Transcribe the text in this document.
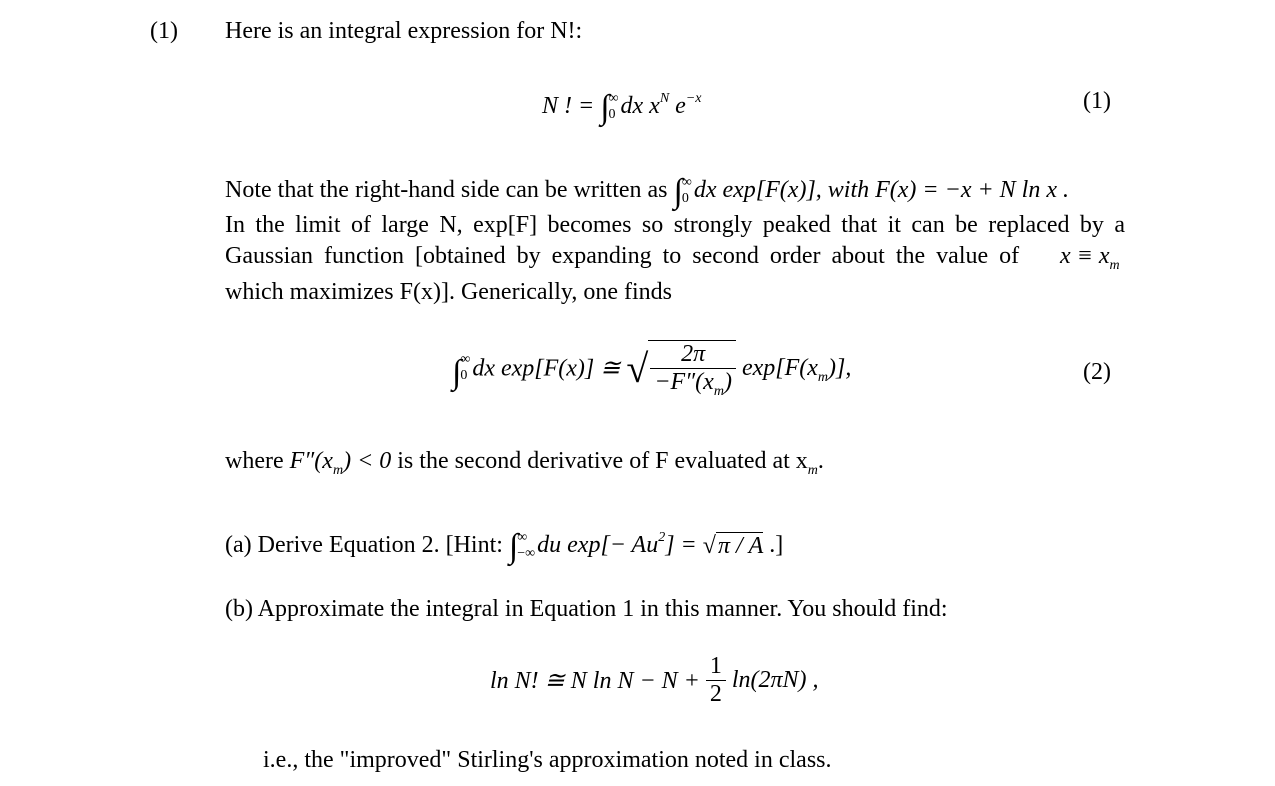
(1) Here is an integral expression for N!:
N ! = ∫ ∞
0 dx $x^N$ $e^{-x}$	(1)
Note that the right-hand side can be written as ∫ ∞
0 dx exp[F(x)], with F(x) = −x + N ln x .
In the limit of large N, exp[F] becomes so strongly peaked that it can be replaced by a
Gaussian function [obtained by expanding to second order about the value of $x \equiv x_m$
which maximizes F(x)]. Generically, one finds
∫ ∞
0 dx exp[F(x)] ≅ √ $\frac{2\pi}{-F''(x_m)} \exp[F(x_m)]$,	(2)
where $F''(x_m) < 0$ is the second derivative of F evaluated at $x_m$.
(a) Derive Equation 2. [Hint: ∫ ∞
−∞ du $\exp[- Au^2] = √\pi / A$ .]
(b) Approximate the integral in Equation 1 in this manner. You should find:
ln N! ≅ N $\ln N - N + \frac{1}{2} \ln(2\pi N)$ ,
i.e., the "improved" Stirling's approximation noted in class.
